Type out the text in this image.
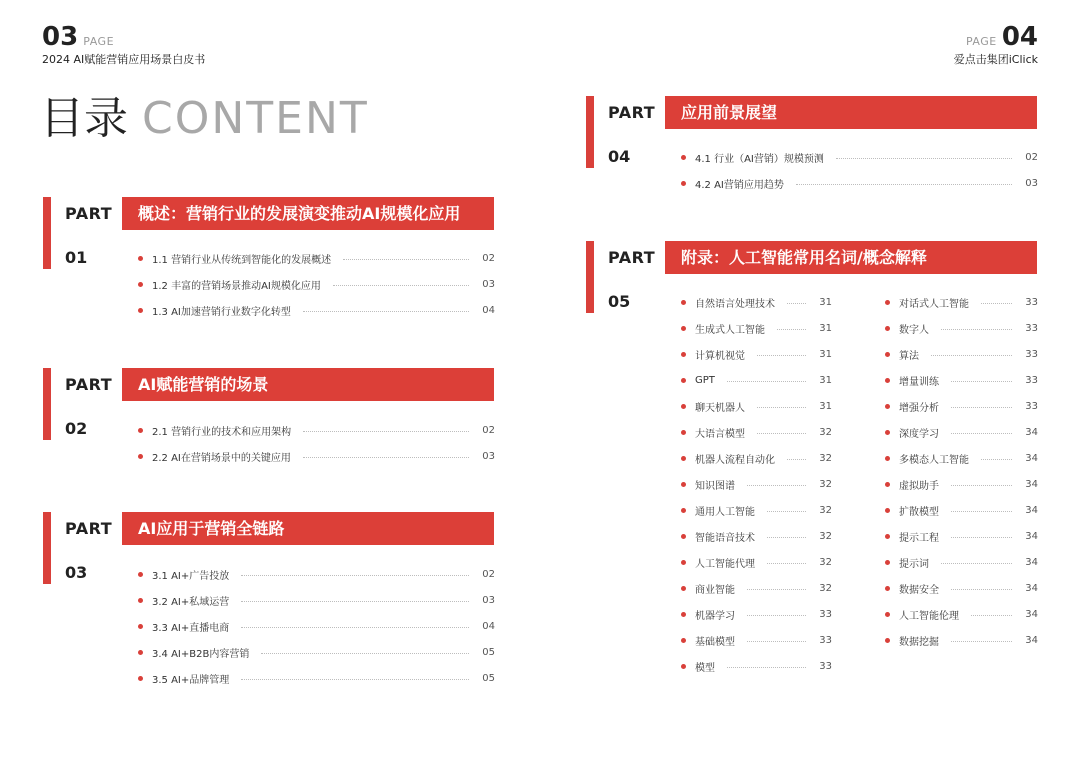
03 PAGE
2024 AI赋能营销应用场景白皮书
PAGE 04
爱点击集团iClick
目录 CONTENT
PART
01
概述：营销行业的发展演变推动AI规模化应用
1.1 营销行业从传统到智能化的发展概述	02
1.2 丰富的营销场景推动AI规模化应用	03
1.3 AI加速营销行业数字化转型	04
PART
02
AI赋能营销的场景
2.1 营销行业的技术和应用架构	02
2.2 AI在营销场景中的关键应用	03
PART
03
AI应用于营销全链路
3.1 AI+广告投放	02
3.2 AI+私域运营	03
3.3 AI+直播电商	04
3.4 AI+B2B内容营销	05
3.5 AI+品牌管理	05
PART
04
应用前景展望
4.1 行业（AI营销）规模预测	02
4.2 AI营销应用趋势	03
PART
05
附录：人工智能常用名词/概念解释
自然语言处理技术	31
生成式人工智能	31
计算机视觉	31
GPT	31
聊天机器人	31
大语言模型	32
机器人流程自动化	32
知识图谱	32
通用人工智能	32
智能语音技术	32
人工智能代理	32
商业智能	32
机器学习	33
基础模型	33
模型	33
对话式人工智能	33
数字人	33
算法	33
增量训练	33
增强分析	33
深度学习	34
多模态人工智能	34
虚拟助手	34
扩散模型	34
提示工程	34
提示词	34
数据安全	34
人工智能伦理	34
数据挖掘	34
